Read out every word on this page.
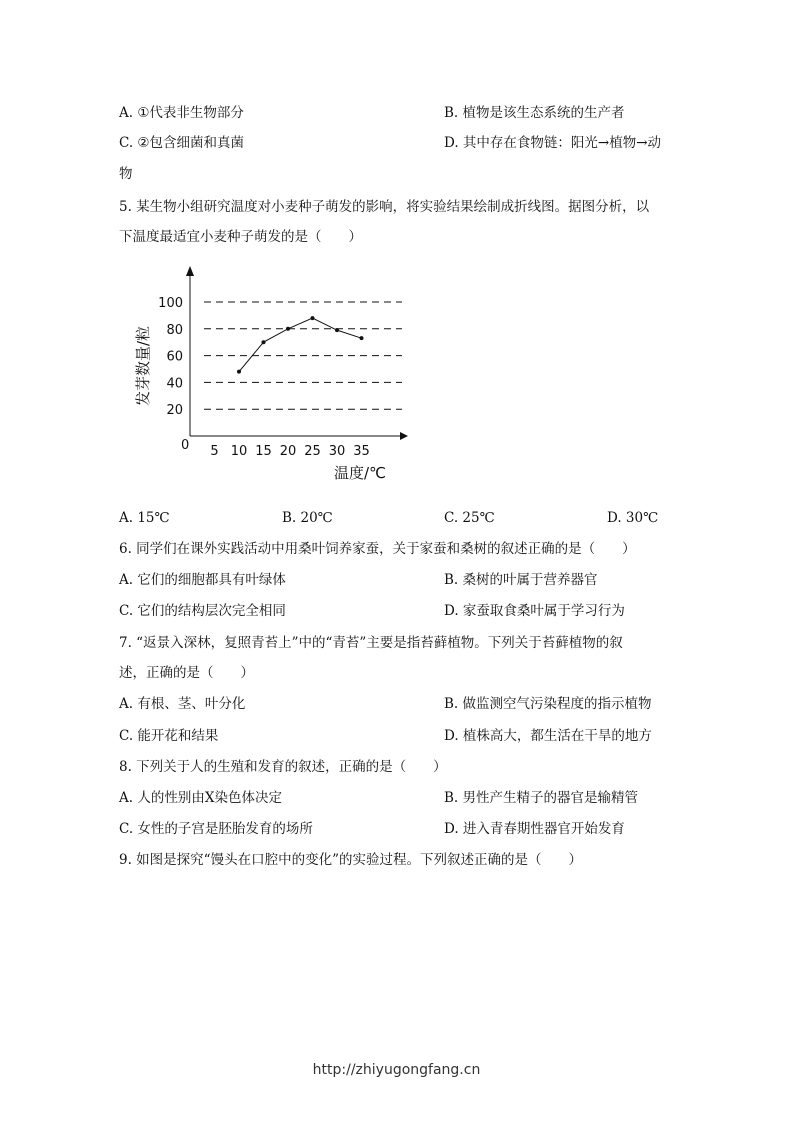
A. ①代表非生物部分	B. 植物是该生态系统的生产者
C. ②包含细菌和真菌	D. 其中存在食物链：阳光→植物→动
物
5. 某生物小组研究温度对小麦种子萌发的影响，将实验结果绘制成折线图。据图分析，以
下温度最适宜小麦种子萌发的是（　　）
20
40
60
80
100
5 10 15 20 25 30 35
0
发芽数量/粒
温度/℃
A. 15℃	B. 20℃	C. 25℃	D. 30℃
6. 同学们在课外实践活动中用桑叶饲养家蚕，关于家蚕和桑树的叙述正确的是（　　）
A. 它们的细胞都具有叶绿体	B. 桑树的叶属于营养器官
C. 它们的结构层次完全相同	D. 家蚕取食桑叶属于学习行为
7. “返景入深林，复照青苔上”中的“青苔”主要是指苔藓植物。下列关于苔藓植物的叙
述，正确的是（　　）
A. 有根、茎、叶分化	B. 做监测空气污染程度的指示植物
C. 能开花和结果	D. 植株高大，都生活在干旱的地方
8. 下列关于人的生殖和发育的叙述，正确的是（　　）
A. 人的性别由X染色体决定	B. 男性产生精子的器官是输精管
C. 女性的子宫是胚胎发育的场所	D. 进入青春期性器官开始发育
9. 如图是探究“馒头在口腔中的变化”的实验过程。下列叙述正确的是（　　）
http://zhiyugongfang.cn
